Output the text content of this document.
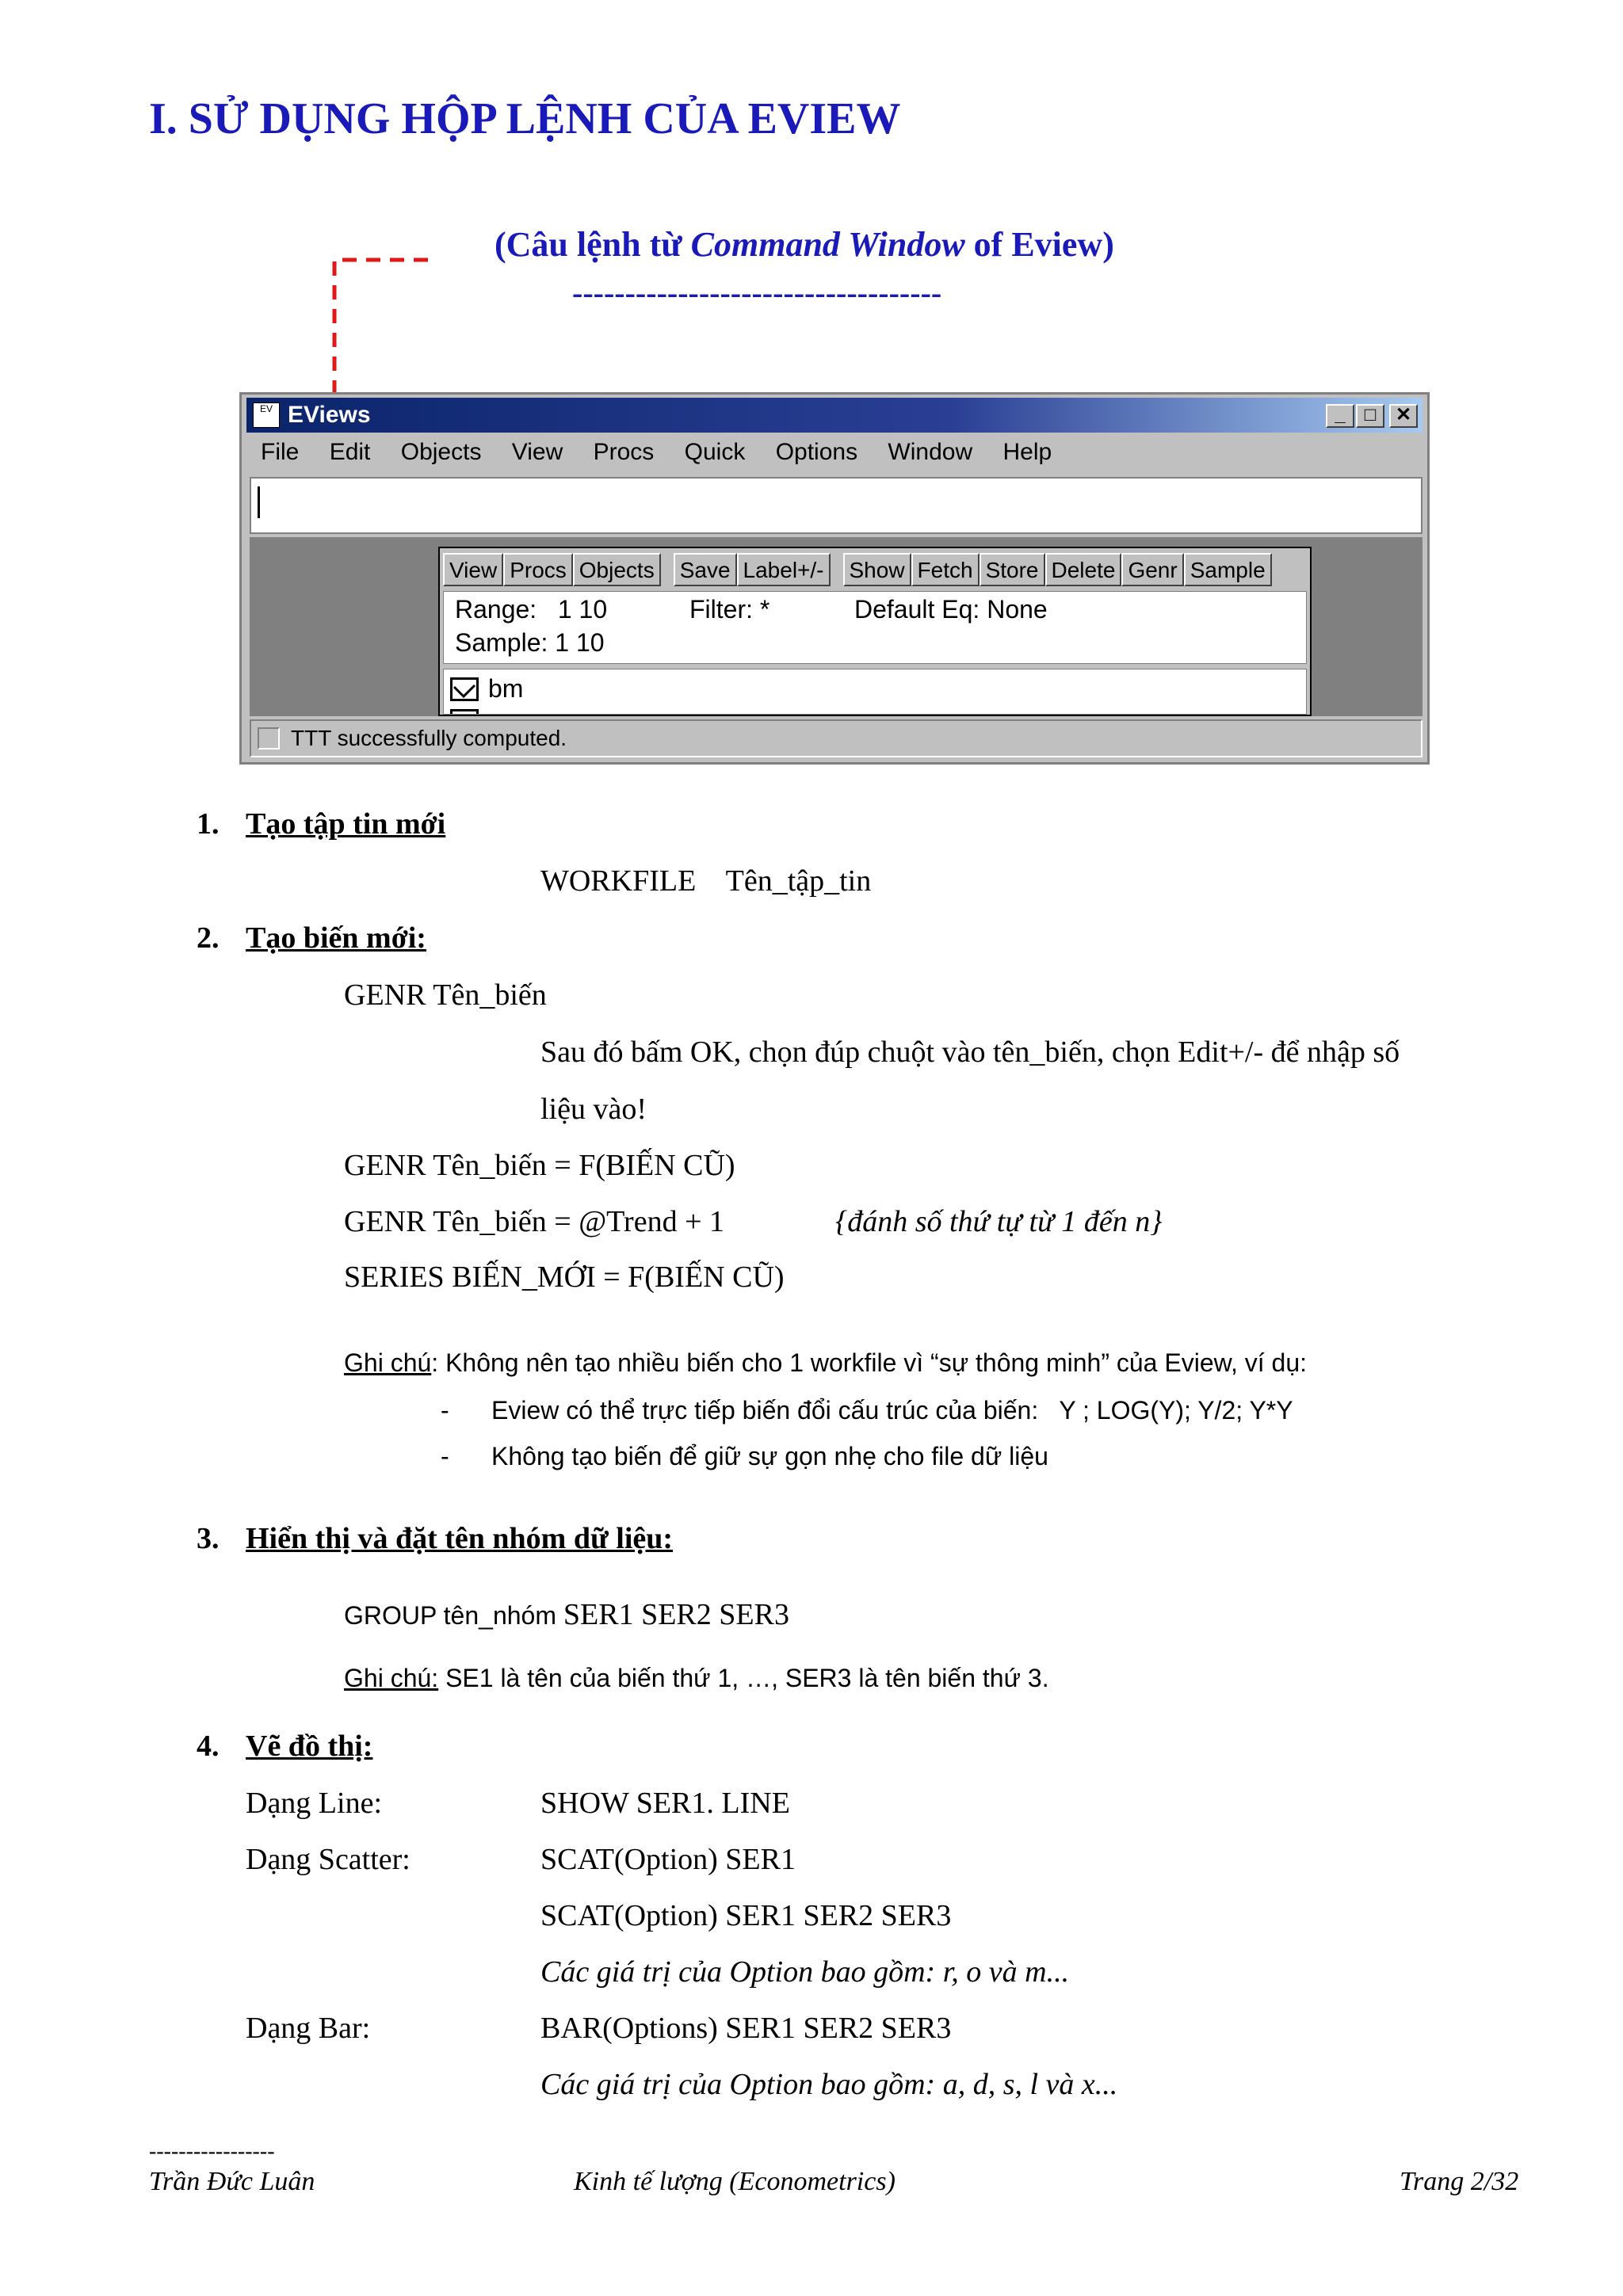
I. SỬ DỤNG HỘP LỆNH CỦA EVIEW
(Câu lệnh từ Command Window of Eview)
-----------------------------------
EV EViews	_	□	✕
File Edit Objects View Procs Quick Options Window Help
View Procs Objects Save Label+/- Show Fetch Store Delete Genr Sample
Range:   1 10	Filter: *	Default Eq: None
Sample: 1 10
bm
TTT successfully computed.
1. Tạo tập tin mới
WORKFILE    Tên_tập_tin
2. Tạo biến mới:
GENR Tên_biến
Sau đó bấm OK, chọn đúp chuột vào tên_biến, chọn Edit+/- để nhập số
liệu vào!
GENR Tên_biến = F(BIẾN CŨ)
GENR Tên_biến = @Trend + 1	{đánh số thứ tự từ 1 đến n}
SERIES BIẾN_MỚI = F(BIẾN CŨ)
Ghi chú: Không nên tạo nhiều biến cho 1 workfile vì “sự thông minh” của Eview, ví dụ:
- Eview có thể trực tiếp biến đổi cấu trúc của biến:   Y ; LOG(Y); Y/2; Y*Y
- Không tạo biến để giữ sự gọn nhẹ cho file dữ liệu
3. Hiển thị và đặt tên nhóm dữ liệu:
GROUP tên_nhóm SER1 SER2 SER3
Ghi chú: SE1 là tên của biến thứ 1, …, SER3 là tên biến thứ 3.
4. Vẽ đồ thị:
Dạng Line:	SHOW SER1. LINE
Dạng Scatter:	SCAT(Option) SER1
SCAT(Option) SER1 SER2 SER3
Các giá trị của Option bao gồm: r, o và m...
Dạng Bar:	BAR(Options) SER1 SER2 SER3
Các giá trị của Option bao gồm: a, d, s, l và x...
-----------------
Trần Đức Luân	Kinh tế lượng (Econometrics)	Trang 2/32
